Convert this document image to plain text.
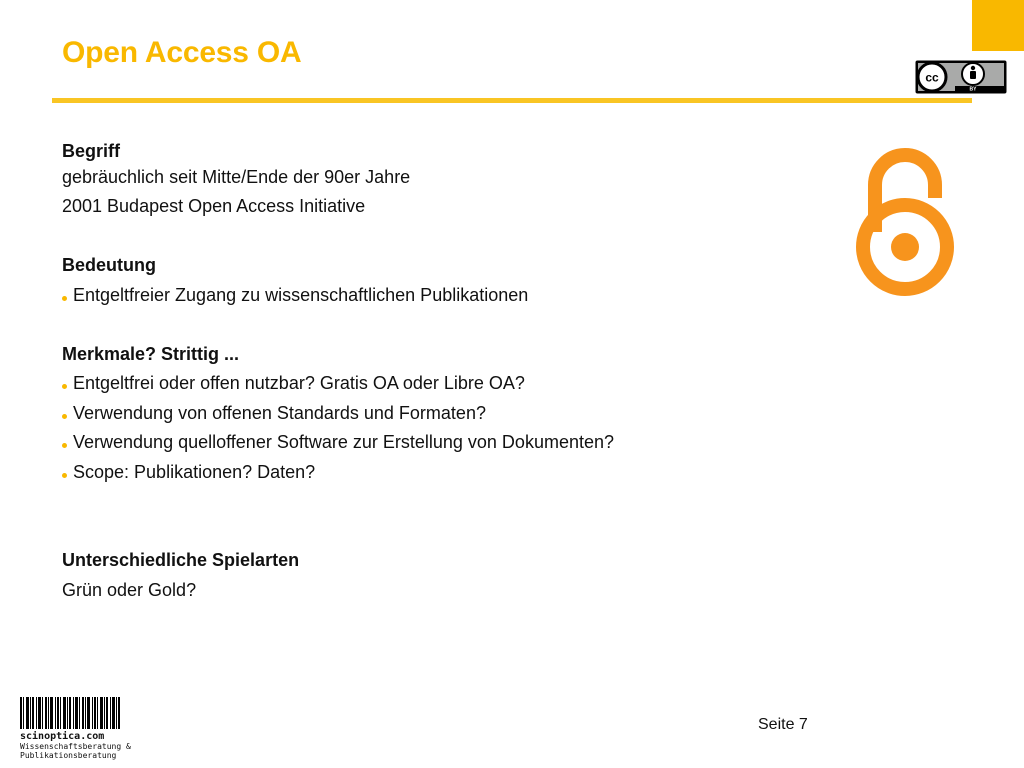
Open Access OA
cc
BY
Begriff
gebräuchlich seit Mitte/Ende der 90er Jahre
2001 Budapest Open Access Initiative
Bedeutung
Entgeltfreier Zugang zu wissenschaftlichen Publikationen
Merkmale? Strittig ...
Entgeltfrei oder offen nutzbar? Gratis OA oder Libre OA?
Verwendung von offenen Standards und Formaten?
Verwendung quelloffener Software zur Erstellung von Dokumenten?
Scope: Publikationen? Daten?
Unterschiedliche Spielarten
Grün oder Gold?
scinoptica.com
Wissenschaftsberatung &
Publikationsberatung
Seite 7
